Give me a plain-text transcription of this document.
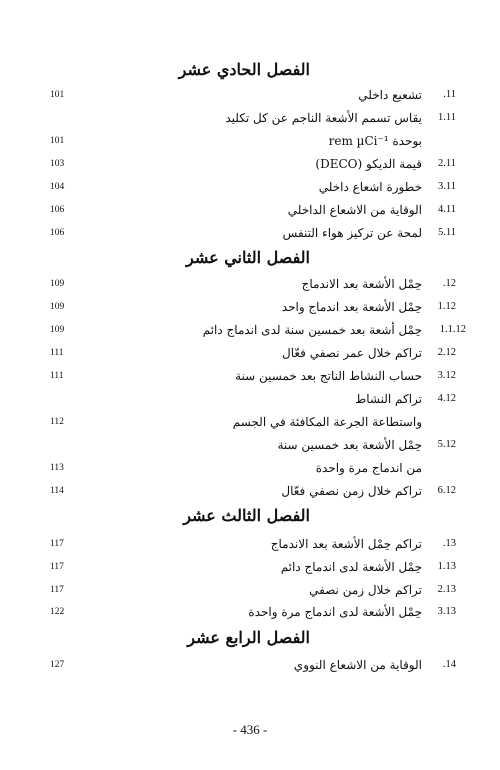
الفصل الحادي عشر
.11
تشعيع داخلي
101
1.11
يقاس تسمم الأشعة الناجم عن كل تكليد
بوحدة rem µCi⁻¹
101
2.11
قيمة الديكو (DECO)
103
3.11
خطورة اشعاع داخلي
104
4.11
الوقاية من الاشعاع الداخلي
106
5.11
لمحة عن تركيز هواء التنفس
106
الفصل الثاني عشر
.12
حِمْل الأشعة بعد الاندماج
109
1.12
حِمْل الأشعة بعد اندماج واحد
109
1.1.12
حِمْل أشعة بعد خمسين سنة لدى اندماج دائم
109
2.12
تراكم خلال عمر نصفي فعّال
111
3.12
حساب النشاط الناتج بعد خمسين سنة
111
4.12
تراكم النشاط
واستطاعة الجرعة المكافئة في الجسم
112
5.12
حِمْل الأشعة بعد خمسين سنة
من اندماج مرة واحدة
113
6.12
تراكم خلال زمن نصفي فعّال
114
الفصل الثالث عشر
.13
تراكم حِمْل الأشعة بعد الاندماج
117
1.13
حِمْل الأشعة لدى اندماج دائم
117
2.13
تراكم خلال زمن نصفي
117
3.13
حِمْل الأشعة لدى اندماج مرة واحدة
122
الفصل الرابع عشر
.14
الوقاية من الاشعاع النووي
127
- 436 -
